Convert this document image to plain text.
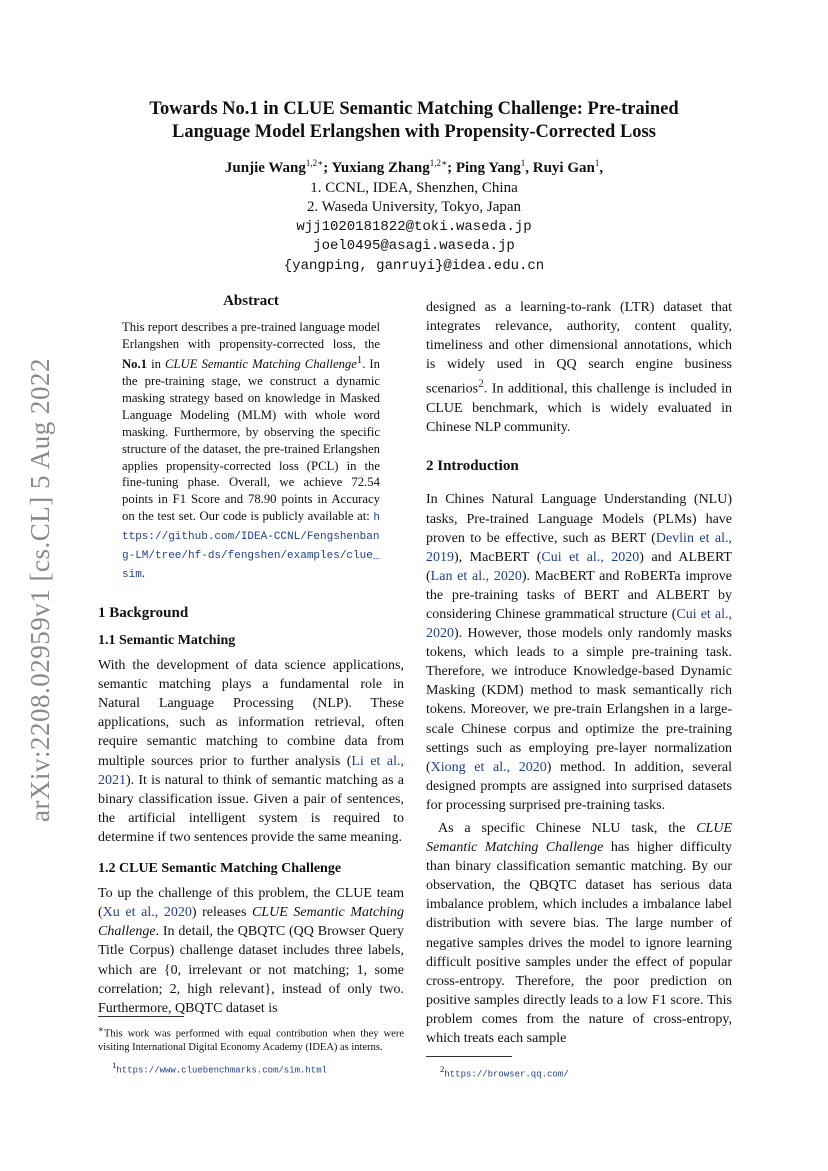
arXiv:2208.02959v1 [cs.CL] 5 Aug 2022
Towards No.1 in CLUE Semantic Matching Challenge: Pre-trained
Language Model Erlangshen with Propensity-Corrected Loss
Junjie Wang$^{1,2∗}$; Yuxiang Zhang$^{1,2∗}$; Ping Yang$^1$, Ruyi Gan$^1$,
1. CCNL, IDEA, Shenzhen, China
2. Waseda University, Tokyo, Japan
wjj1020181822@toki.waseda.jp
joel0495@asagi.waseda.jp
{yangping, ganruyi}@idea.edu.cn
Abstract
This report describes a pre-trained language model Erlangshen with propensity-corrected loss, the No.1 in CLUE Semantic Matching Challenge$^1$. In the pre-training stage, we construct a dynamic masking strategy based on knowledge in Masked Language Modeling (MLM) with whole word masking. Furthermore, by observing the specific structure of the dataset, the pre-trained Erlangshen applies propensity-corrected loss (PCL) in the fine-tuning phase. Overall, we achieve 72.54 points in F1 Score and 78.90 points in Accuracy on the test set. Our code is publicly available at: https://github.com/IDEA-CCNL/Fengshenbang-LM/tree/hf-ds/fengshen/examples/clue_sim.
1 Background
1.1 Semantic Matching

With the development of data science applications, semantic matching plays a fundamental role in Natural Language Processing (NLP). These applications, such as information retrieval, often require semantic matching to combine data from multiple sources prior to further analysis (Li et al., 2021). It is natural to think of semantic matching as a binary classification issue. Given a pair of sentences, the artificial intelligent system is required to determine if two sentences provide the same meaning.

1.2 CLUE Semantic Matching Challenge

To up the challenge of this problem, the CLUE team (Xu et al., 2020) releases CLUE Semantic Matching Challenge. In detail, the QBQTC (QQ Browser Query Title Corpus) challenge dataset includes three labels, which are {0, irrelevant or not matching; 1, some correlation; 2, high relevant}, instead of only two. Furthermore, QBQTC dataset is

∗This work was performed with equal contribution when they were visiting International Digital Economy Academy (IDEA) as interns.

$^1$https://www.cluebenchmarks.com/sim.html

designed as a learning-to-rank (LTR) dataset that integrates relevance, authority, content quality, timeliness and other dimensional annotations, which is widely used in QQ search engine business scenarios$^2$. In additional, this challenge is included in CLUE benchmark, which is widely evaluated in Chinese NLP community.

2 Introduction

In Chines Natural Language Understanding (NLU) tasks, Pre-trained Language Models (PLMs) have proven to be effective, such as BERT (Devlin et al., 2019), MacBERT (Cui et al., 2020) and ALBERT (Lan et al., 2020). MacBERT and RoBERTa improve the pre-training tasks of BERT and ALBERT by considering Chinese grammatical structure (Cui et al., 2020). However, those models only randomly masks tokens, which leads to a simple pre-training task. Therefore, we introduce Knowledge-based Dynamic Masking (KDM) method to mask semantically rich tokens. Moreover, we pre-train Erlangshen in a large-scale Chinese corpus and optimize the pre-training settings such as employing pre-layer normalization (Xiong et al., 2020) method. In addition, several designed prompts are assigned into surprised datasets for processing surprised pre-training tasks.

As a specific Chinese NLU task, the CLUE Semantic Matching Challenge has higher difficulty than binary classification semantic matching. By our observation, the QBQTC dataset has serious data imbalance problem, which includes a imbalance label distribution with severe bias. The large number of negative samples drives the model to ignore learning difficult positive samples under the effect of popular cross-entropy. Therefore, the poor prediction on positive samples directly leads to a low F1 score. This problem comes from the nature of cross-entropy, which treats each sample

$^2$https://browser.qq.com/
